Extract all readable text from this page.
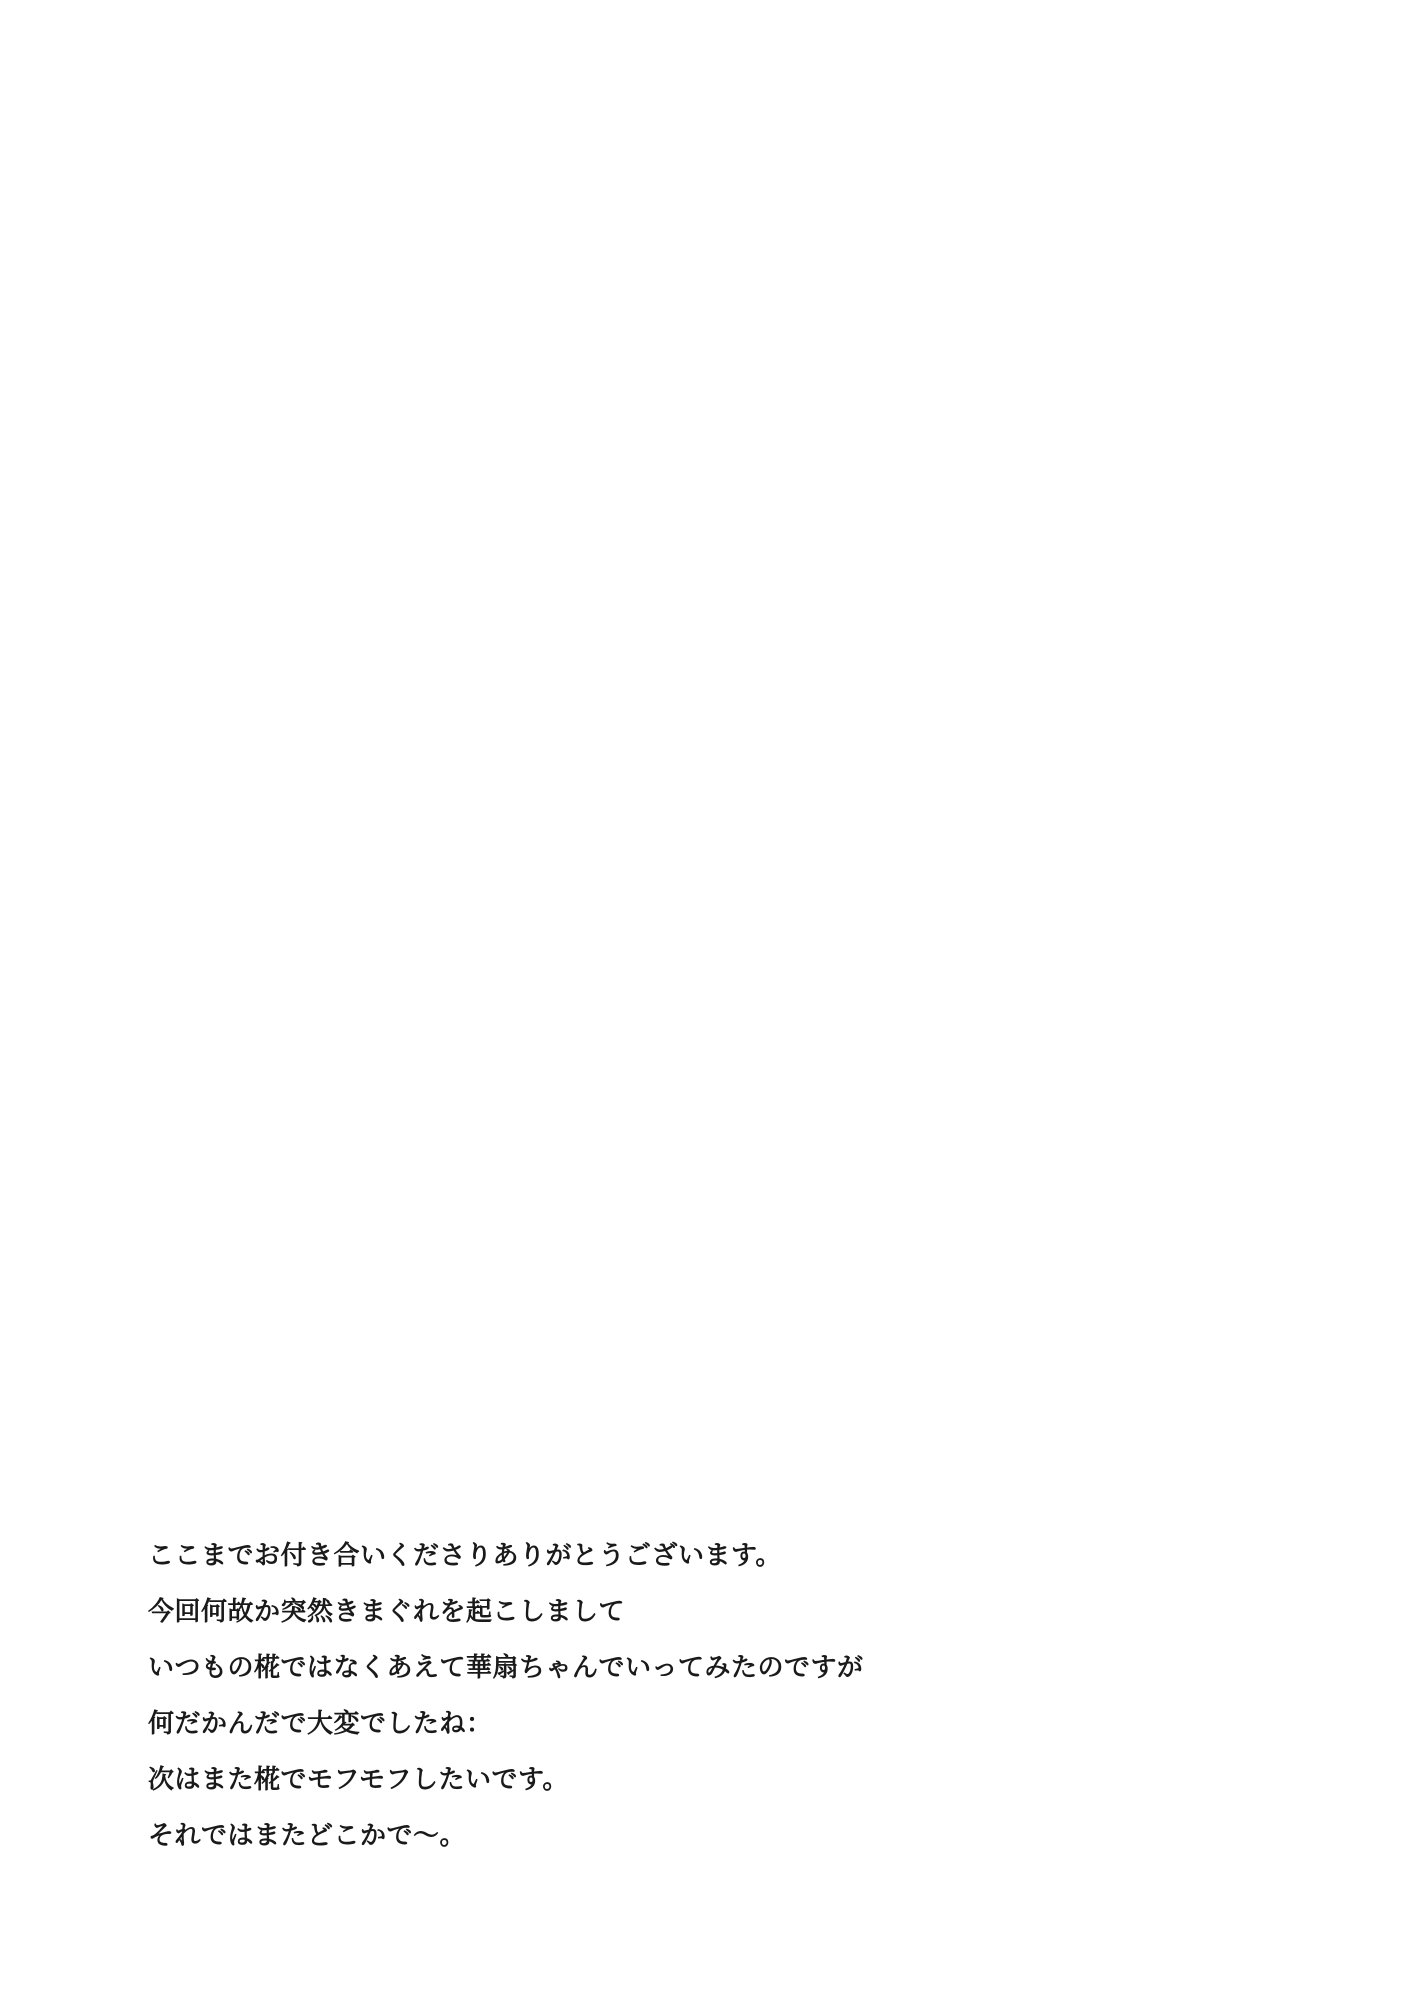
ここまでお付き合いくださりありがとうございます。
今回何故か突然きまぐれを起こしまして
いつもの椛ではなくあえて華扇ちゃんでいってみたのですが
何だかんだで大変でしたね：
次はまた椛でモフモフしたいです。
それではまたどこかで～。
